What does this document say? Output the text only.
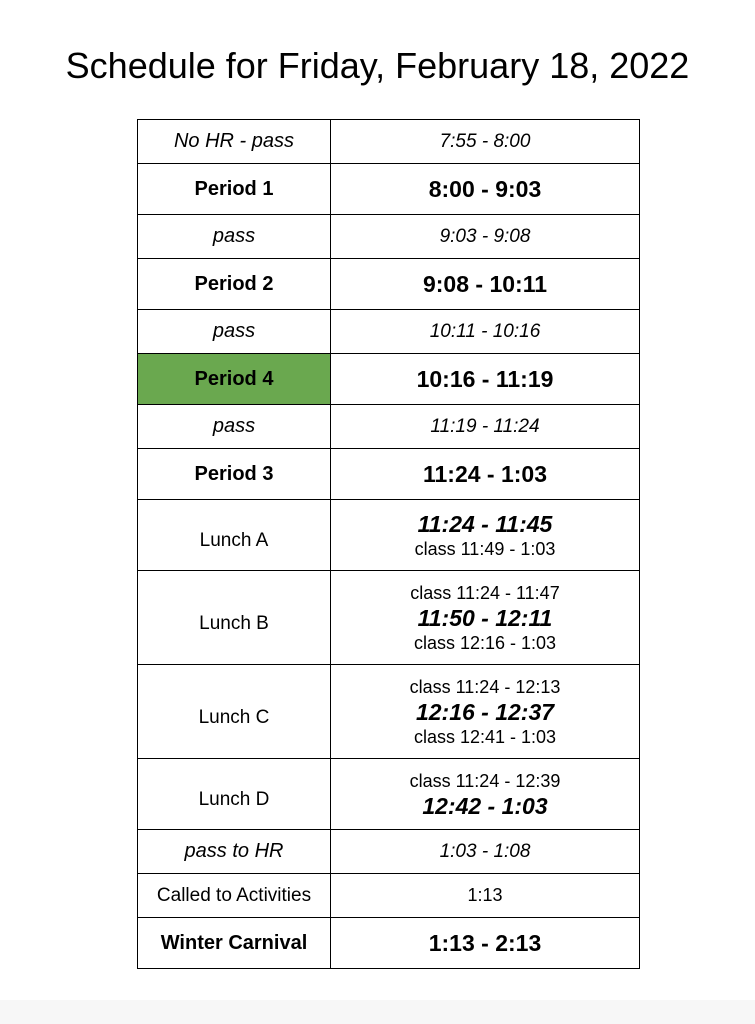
Schedule for Friday, February 18, 2022
No HR - pass	7:55 - 8:00
Period 1	8:00 - 9:03
pass	9:03 - 9:08
Period 2	9:08 - 10:11
pass	10:11 - 10:16
Period 4	10:16 - 11:19
pass	11:19 - 11:24
Period 3	11:24 - 1:03

Lunch A	11:24 - 11:45
class 11:49 - 1:03

Lunch B	class 11:24 - 11:47
11:50 - 12:11
class 12:16 - 1:03

Lunch C	class 11:24 - 12:13
12:16 - 12:37
class 12:41 - 1:03

Lunch D	class 11:24 - 12:39
12:42 - 1:03

pass to HR	1:03 - 1:08
Called to Activities	1:13
Winter Carnival	1:13 - 2:13
